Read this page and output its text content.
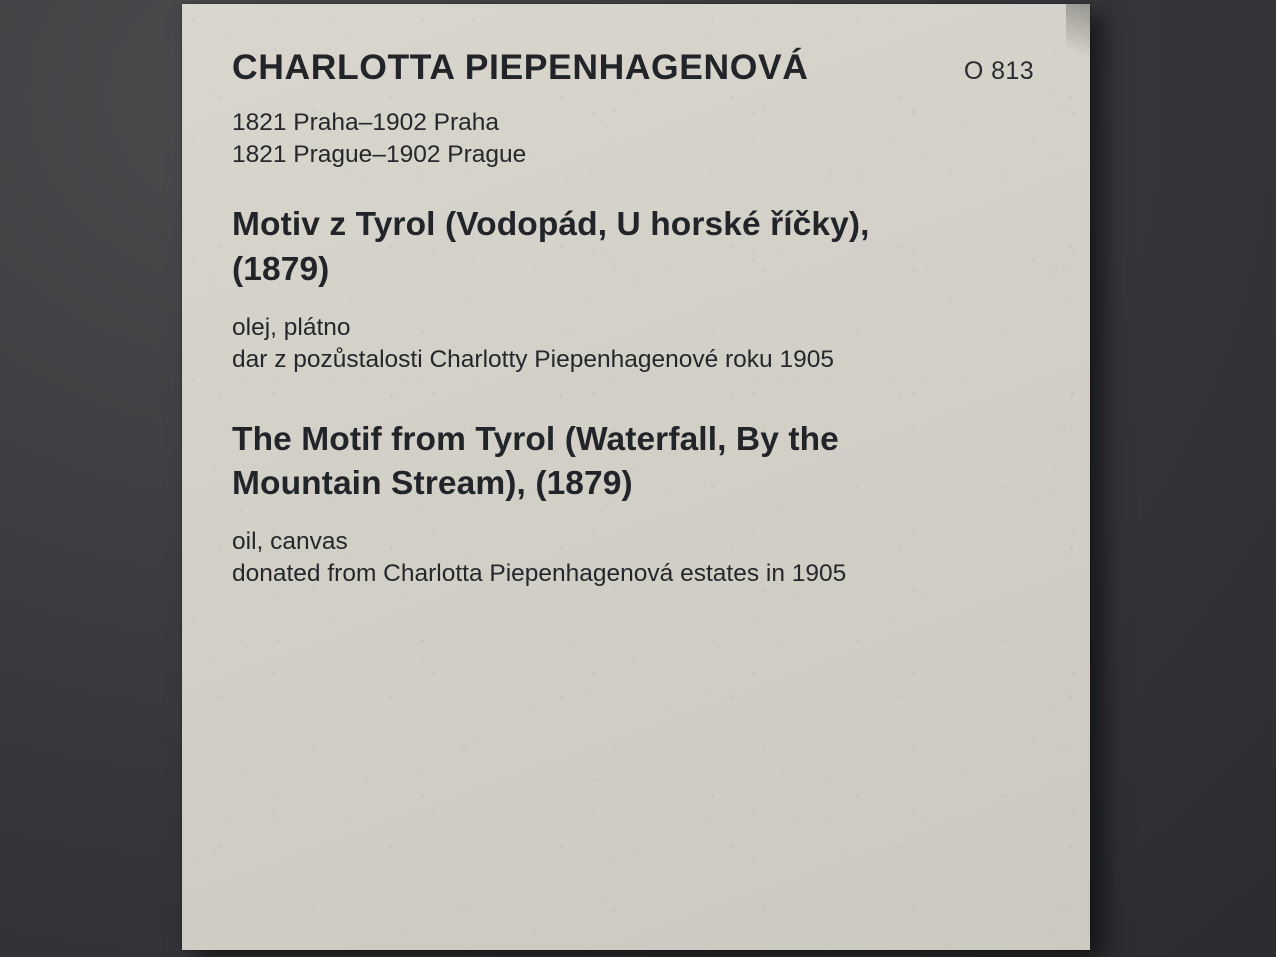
CHARLOTTA PIEPENHAGENOVÁ	O 813
1821 Praha–1902 Praha
1821 Prague–1902 Prague
Motiv z Tyrol (Vodopád, U horské říčky), (1879)
olej, plátno
dar z pozůstalosti Charlotty Piepenhagenové roku 1905
The Motif from Tyrol (Waterfall, By the Mountain Stream), (1879)
oil, canvas
donated from Charlotta Piepenhagenová estates in 1905
